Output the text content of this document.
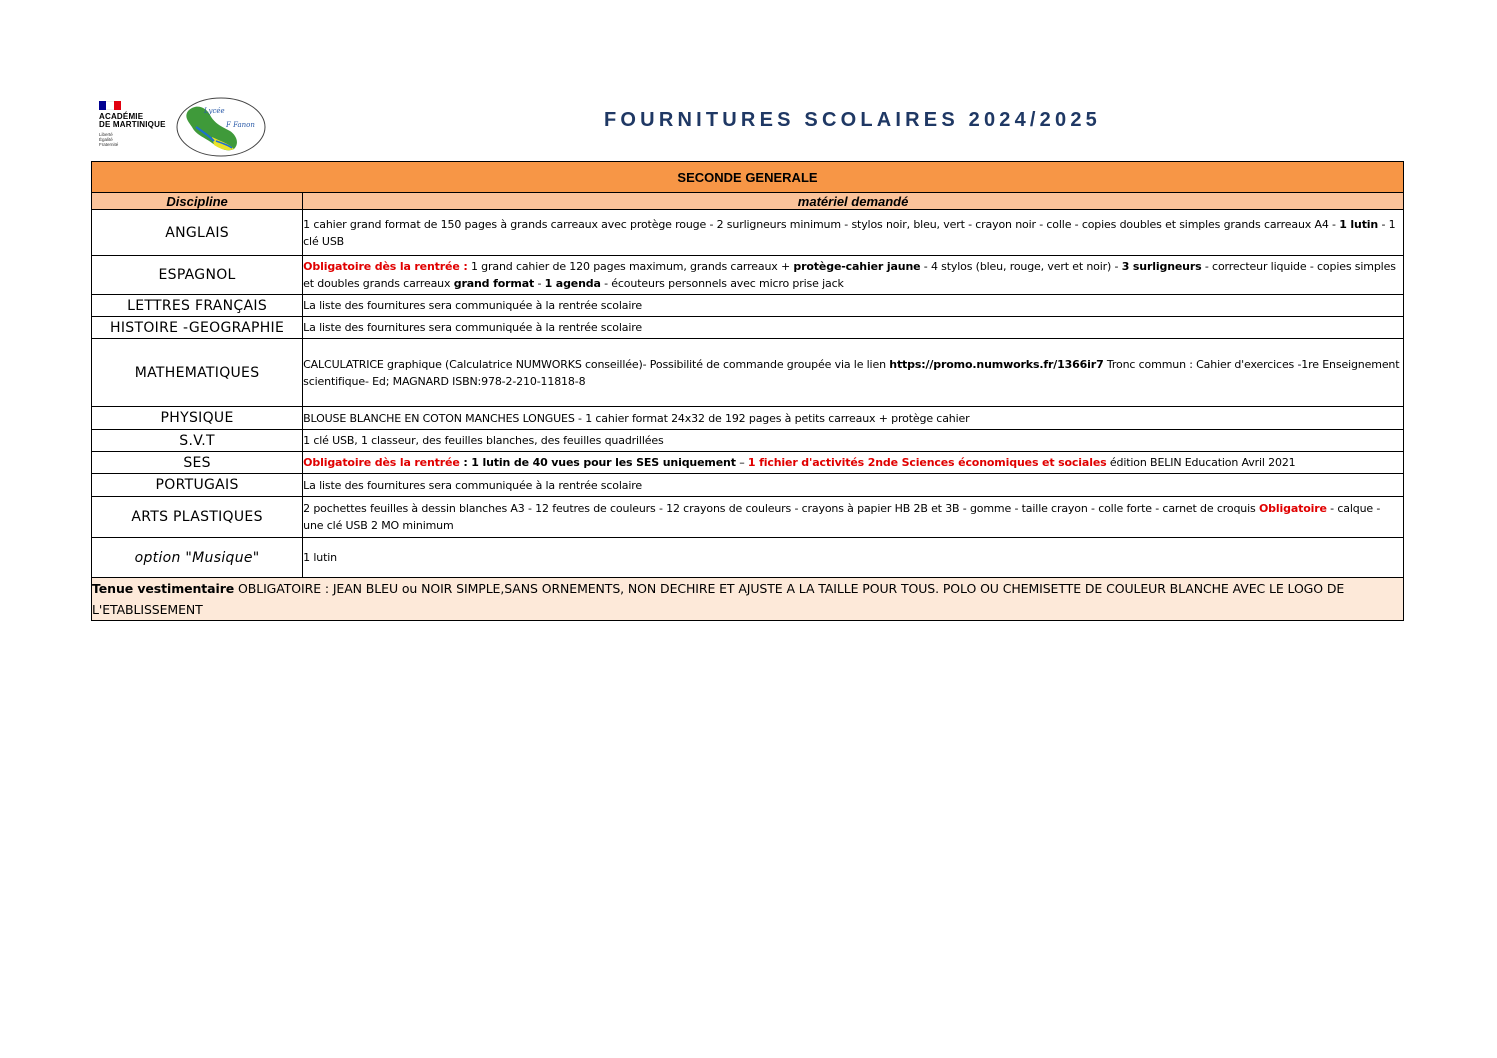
ACADÉMIE
DE MARTINIQUE
Liberté
Égalité
Fraternité
Lycée
F Fanon	FOURNITURES SCOLAIRES 2024/2025
SECONDE GENERALE	
Discipline	matériel demandé
ANGLAIS	1 cahier grand format de 150 pages à grands carreaux avec protège rouge - 2 surligneurs minimum - stylos noir, bleu, vert - crayon noir - colle - copies doubles et simples grands carreaux A4 - 1 lutin - 1 clé USB
ESPAGNOL	Obligatoire dès la rentrée : 1 grand cahier de 120 pages maximum, grands carreaux + protège-cahier jaune - 4 stylos (bleu, rouge, vert et noir) - 3 surligneurs - correcteur liquide - copies simples et doubles grands carreaux grand format - 1 agenda - écouteurs personnels avec micro prise jack
LETTRES FRANÇAIS	La liste des fournitures sera communiquée à la rentrée scolaire
HISTOIRE -GEOGRAPHIE	La liste des fournitures sera communiquée à la rentrée scolaire
MATHEMATIQUES	CALCULATRICE graphique (Calculatrice NUMWORKS conseillée)- Possibilité de commande groupée via le lien https://promo.numworks.fr/1366ir7 Tronc commun : Cahier d'exercices -1re Enseignement scientifique- Ed; MAGNARD ISBN:978-2-210-11818-8
PHYSIQUE	BLOUSE BLANCHE EN COTON MANCHES LONGUES - 1 cahier format 24x32 de 192 pages à petits carreaux + protège cahier
S.V.T	1 clé USB, 1 classeur, des feuilles blanches, des feuilles quadrillées
SES	Obligatoire dès la rentrée : 1 lutin de 40 vues pour les SES uniquement – 1 fichier d'activités 2nde Sciences économiques et sociales édition BELIN Education Avril 2021
PORTUGAIS	La liste des fournitures sera communiquée à la rentrée scolaire
ARTS PLASTIQUES	2 pochettes feuilles à dessin blanches A3 - 12 feutres de couleurs - 12 crayons de couleurs - crayons à papier HB 2B et 3B - gomme - taille crayon - colle forte - carnet de croquis Obligatoire - calque - une clé USB 2 MO minimum
option "Musique"	1 lutin
Tenue vestimentaire OBLIGATOIRE : JEAN BLEU ou NOIR SIMPLE,SANS ORNEMENTS, NON DECHIRE ET AJUSTE A LA TAILLE POUR TOUS. POLO OU CHEMISETTE DE COULEUR BLANCHE AVEC LE LOGO DE L'ETABLISSEMENT	
